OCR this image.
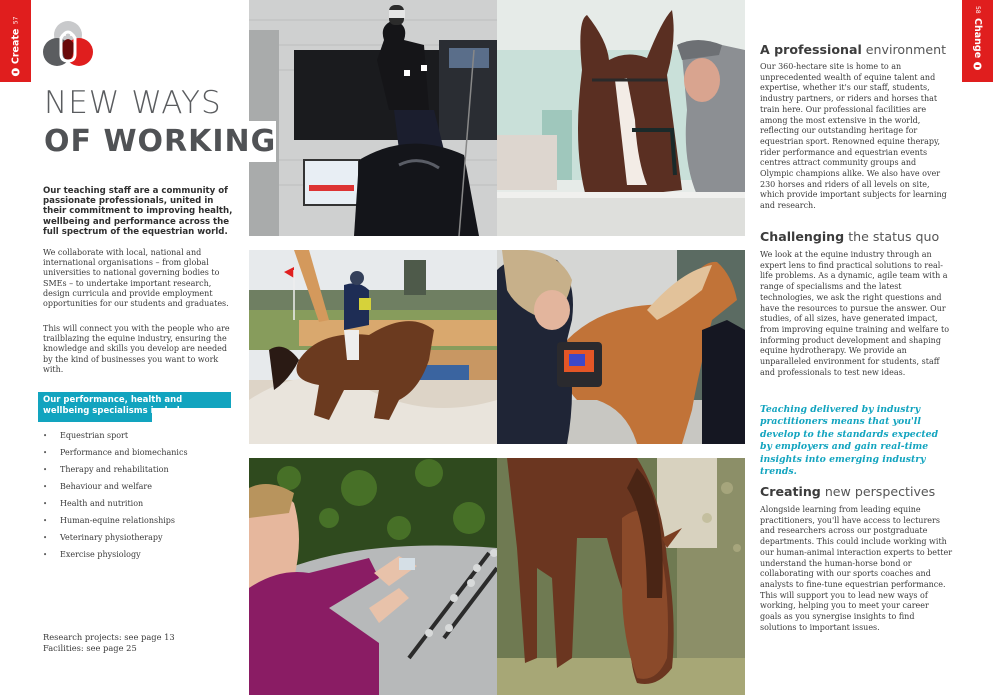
Create
57
58
Change
NEW WAYS
OF WORKING

Our teaching staff are a community of passionate professionals, united in their commitment to improving health, wellbeing and performance across the full spectrum of the equestrian world.

We collaborate with local, national and international organisations – from global universities to national governing bodies to SMEs – to undertake important research, design curricula and provide employment opportunities for our students and graduates.

This will connect you with the people who are trailblazing the equine industry, ensuring the knowledge and skills you develop are needed by the kind of businesses you want to work with.

Our performance, health and wellbeing specialisms include:
•	Equestrian sport
•	Performance and biomechanics
•	Therapy and rehabilitation
•	Behaviour and welfare
•	Health and nutrition
•	Human-equine relationships
•	Veterinary physiotherapy
•	Exercise physiology
Research projects: see page 13
Facilities: see page 25
A professional environment

Our 360-hectare site is home to an unprecedented wealth of equine talent and expertise, whether it's our staff, students, industry partners, or riders and horses that train here. Our professional facilities are among the most extensive in the world, reflecting our outstanding heritage for equestrian sport. Renowned equine therapy, rider performance and equestrian events centres attract community groups and Olympic champions alike. We also have over 230 horses and riders of all levels on site, which provide important subjects for learning and research.

Challenging the status quo

We look at the equine industry through an expert lens to find practical solutions to real-life problems. As a dynamic, agile team with a range of specialisms and the latest technologies, we ask the right questions and have the resources to pursue the answer. Our studies, of all sizes, have generated impact, from improving equine training and welfare to informing product development and shaping equine hydrotherapy. We provide an unparalleled environment for students, staff and professionals to test new ideas.

Teaching delivered by industry practitioners means that you'll develop to the standards expected by employers and gain real-time insights into emerging industry trends.

Creating new perspectives

Alongside learning from leading equine practitioners, you'll have access to lecturers and researchers across our postgraduate departments. This could include working with our human-animal interaction experts to better understand the human-horse bond or collaborating with our sports coaches and analysts to fine-tune equestrian performance. This will support you to lead new ways of working, helping you to meet your career goals as you synergise insights to find solutions to important issues.
